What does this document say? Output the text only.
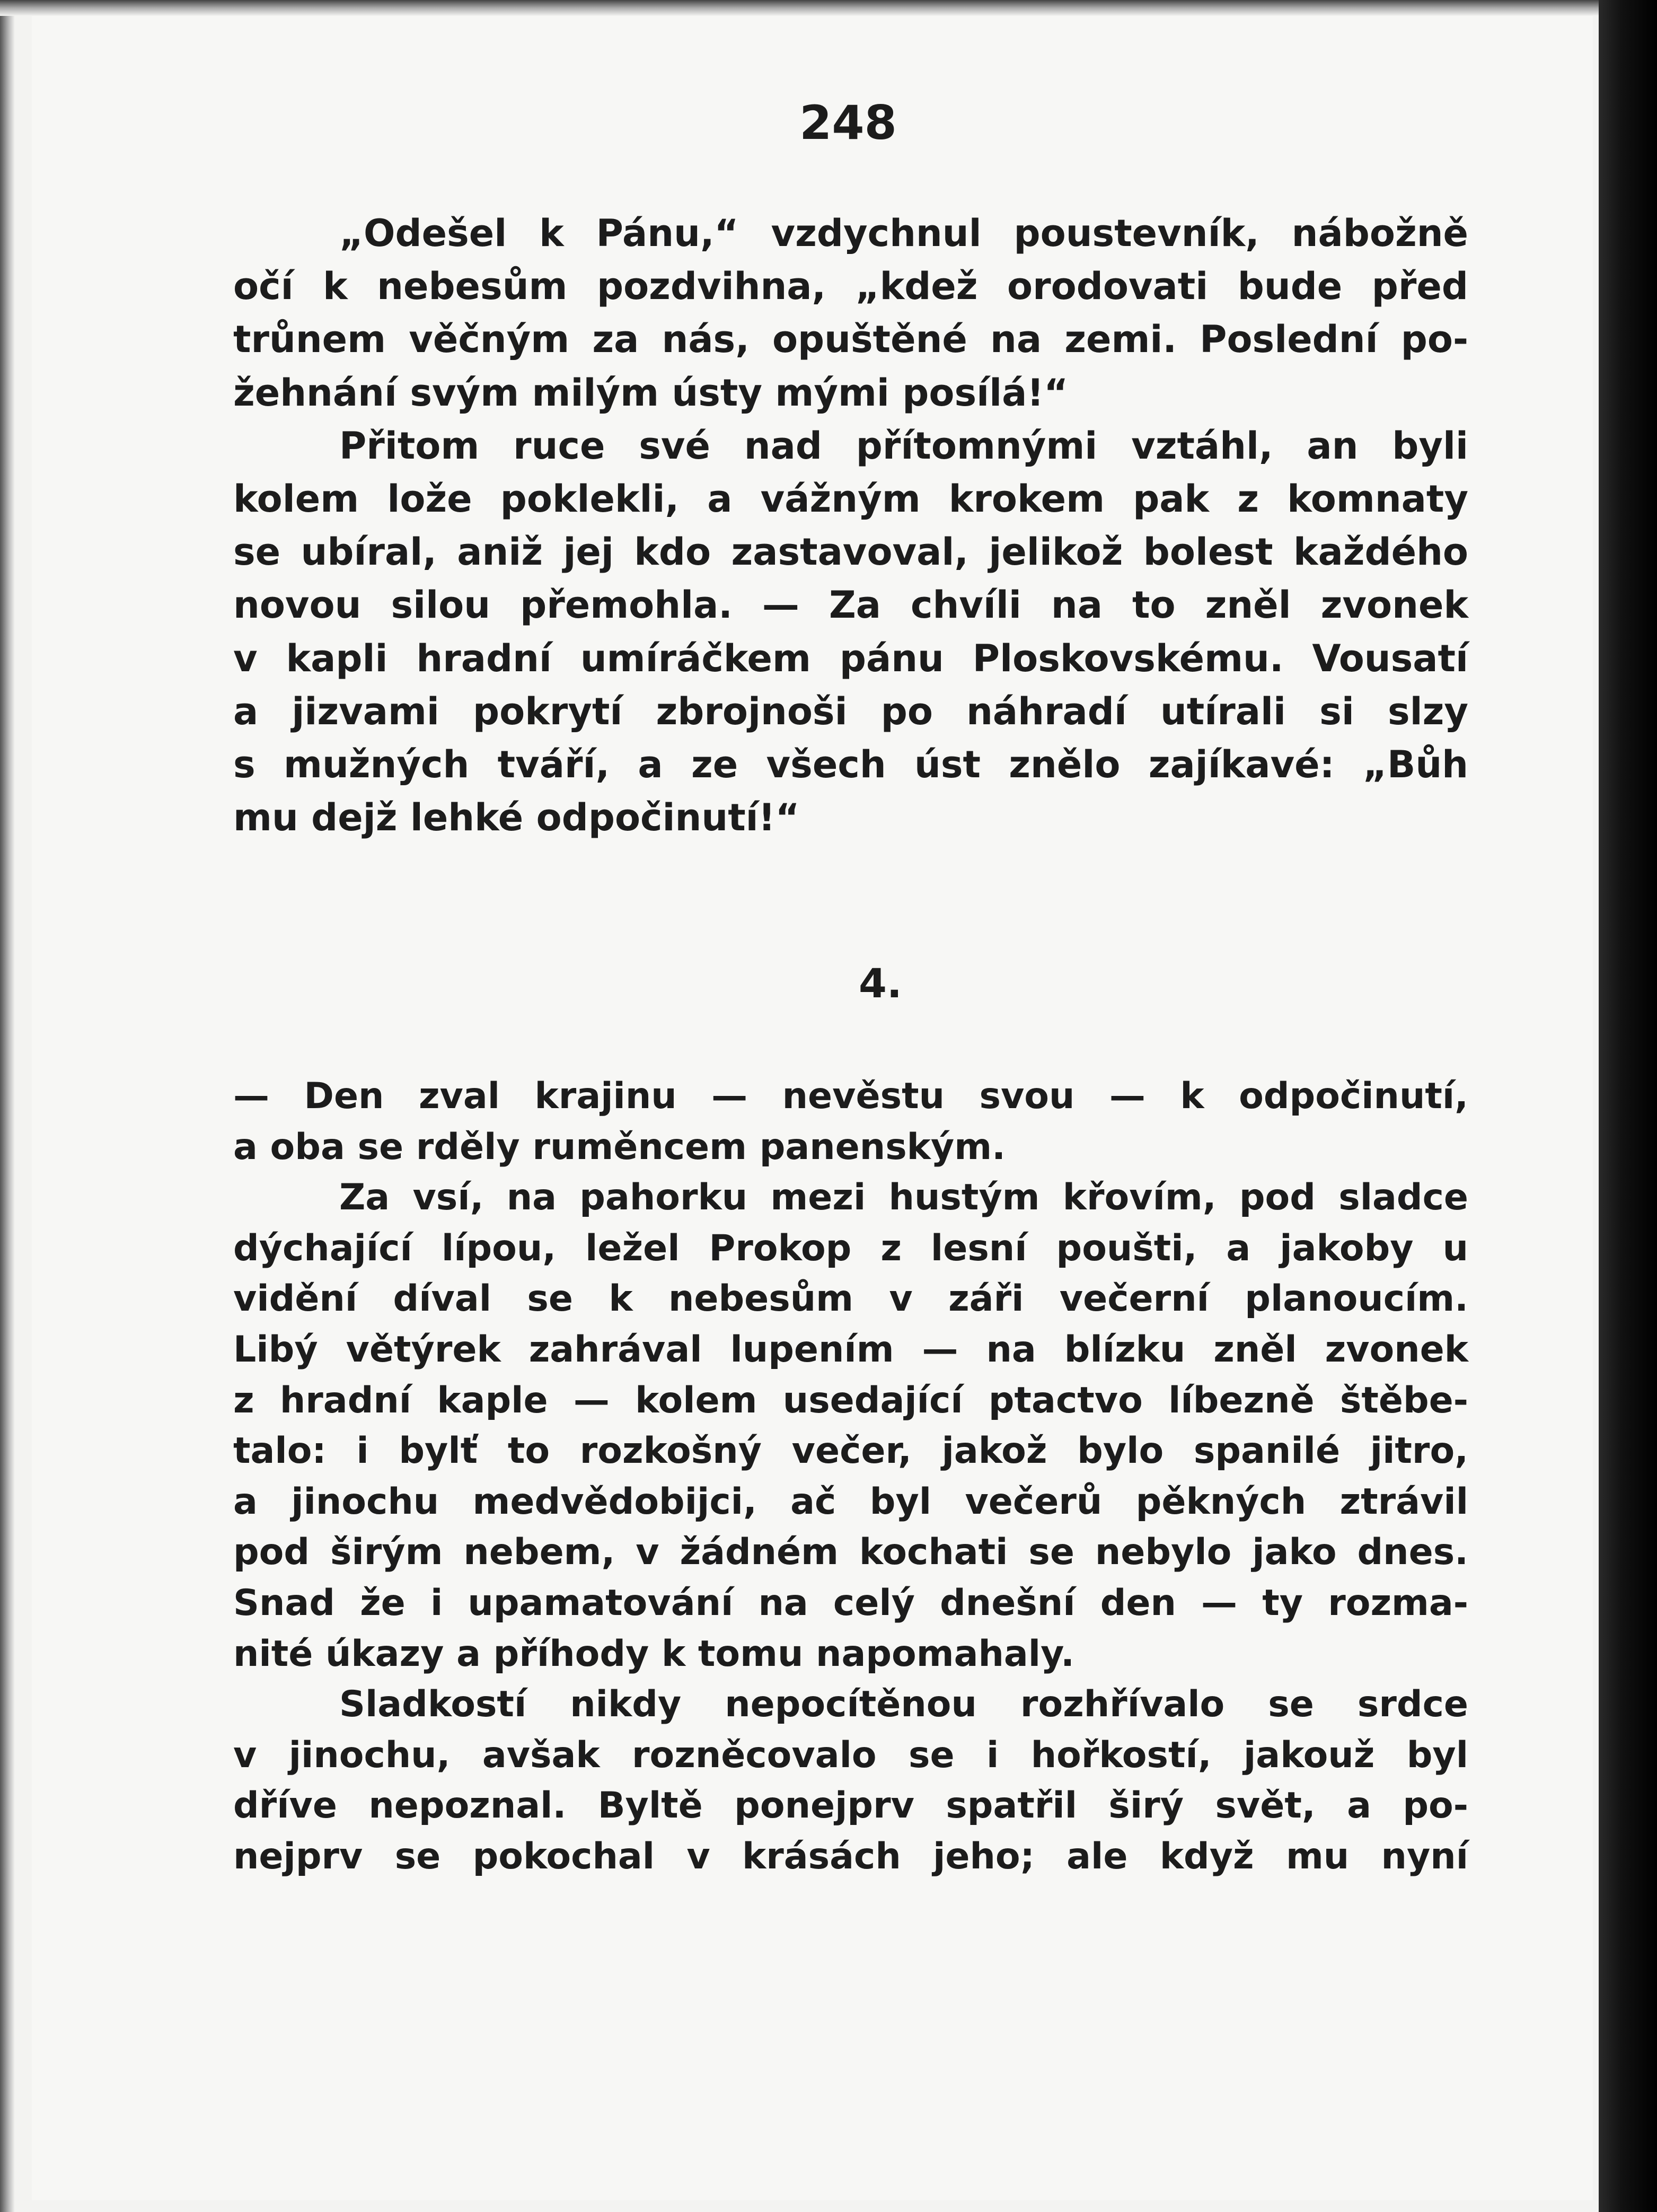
248
„Odešel k Pánu,“ vzdychnul poustevník, nábožně
očí k nebesům pozdvihna, „kdež orodovati bude před
trůnem věčným za nás, opuštěné na zemi. Poslední po-
žehnání svým milým ústy mými posílá!“
Přitom ruce své nad přítomnými vztáhl, an byli
kolem lože poklekli, a vážným krokem pak z komnaty
se ubíral, aniž jej kdo zastavoval, jelikož bolest každého
novou silou přemohla. — Za chvíli na to zněl zvonek
v kapli hradní umíráčkem pánu Ploskovskému. Vousatí
a jizvami pokrytí zbrojnoši po náhradí utírali si slzy
s mužných tváří, a ze všech úst znělo zajíkavé: „Bůh
mu dejž lehké odpočinutí!“
4.
— Den zval krajinu — nevěstu svou — k odpočinutí,
a oba se rděly ruměncem panenským.
Za vsí, na pahorku mezi hustým křovím, pod sladce
dýchající lípou, ležel Prokop z lesní poušti, a jakoby u
vidění díval se k nebesům v záři večerní planoucím.
Libý větýrek zahrával lupením — na blízku zněl zvonek
z hradní kaple — kolem usedající ptactvo líbezně štěbe-
talo: i bylť to rozkošný večer, jakož bylo spanilé jitro,
a jinochu medvědobijci, ač byl večerů pěkných ztrávil
pod širým nebem, v žádném kochati se nebylo jako dnes.
Snad že i upamatování na celý dnešní den — ty rozma-
nité úkazy a příhody k tomu napomahaly.
Sladkostí nikdy nepocítěnou rozhřívalo se srdce
v jinochu, avšak rozněcovalo se i hořkostí, jakouž byl
dříve nepoznal. Byltě ponejprv spatřil širý svět, a po-
nejprv se pokochal v krásách jeho; ale když mu nyní
